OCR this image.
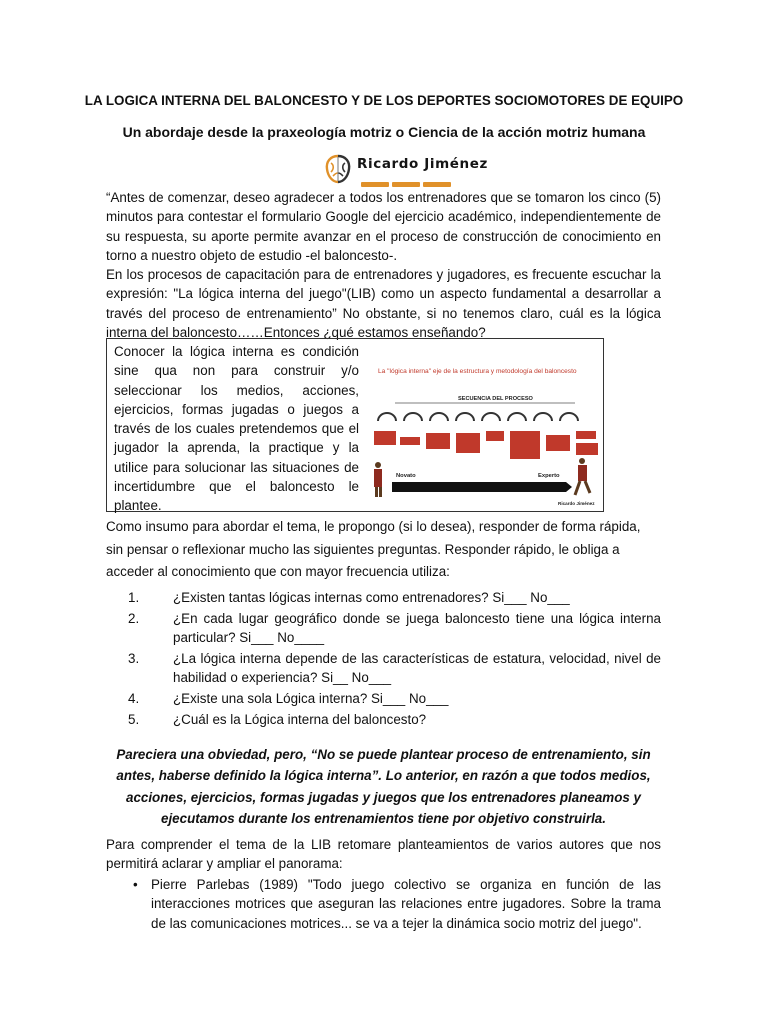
LA LOGICA INTERNA DEL BALONCESTO Y DE LOS DEPORTES SOCIOMOTORES DE EQUIPO
Un abordaje desde la praxeología motriz o Ciencia de la acción motriz humana
Ricardo Jiménez
“Antes de comenzar, deseo agradecer a todos los entrenadores que se tomaron los cinco (5) minutos para contestar el formulario Google del ejercicio académico, independientemente de su respuesta, su aporte permite avanzar en el proceso de construcción de conocimiento en torno a nuestro objeto de estudio -el baloncesto-.
En los procesos de capacitación para de entrenadores y jugadores, es frecuente escuchar la expresión: "La lógica interna del juego"(LIB) como un aspecto fundamental a desarrollar a través del proceso de entrenamiento” No obstante, si no tenemos claro, cuál es la lógica interna del baloncesto……Entonces ¿qué estamos enseñando?
Conocer la lógica interna es condición sine qua non para construir y/o seleccionar los medios, acciones, ejercicios, formas jugadas o juegos a través de los cuales pretendemos que el jugador la aprenda, la practique y la utilice para solucionar las situaciones de incertidumbre que el baloncesto le plantee.
La "lógica interna" eje de la estructura y metodología del baloncesto
SECUENCIA DEL PROCESO
Novato	Experto
Ricardo Jiménez
Como insumo para abordar el tema, le propongo (si lo desea), responder de forma rápida, sin pensar o reflexionar mucho las siguientes preguntas. Responder rápido, le obliga a acceder al conocimiento que con mayor frecuencia utiliza:
1.	¿Existen tantas lógicas internas como entrenadores? Si___ No___
2.	¿En cada lugar geográfico donde se juega baloncesto tiene una lógica interna particular? Si___ No____
3.	¿La lógica interna depende de las características de estatura, velocidad, nivel de habilidad o experiencia? Si__ No___
4.	¿Existe una sola Lógica interna? Si___ No___
5.	¿Cuál es la Lógica interna del baloncesto?
Pareciera una obviedad, pero, “No se puede plantear proceso de entrenamiento, sin antes, haberse definido la lógica interna”. Lo anterior, en razón a que todos medios, acciones, ejercicios, formas jugadas y juegos que los entrenadores planeamos y ejecutamos durante los entrenamientos tiene por objetivo construirla.
Para comprender el tema de la LIB retomare planteamientos de varios autores que nos permitirá aclarar y ampliar el panorama:
• Pierre Parlebas (1989) "Todo juego colectivo se organiza en función de las interacciones motrices que aseguran las relaciones entre jugadores. Sobre la trama de las comunicaciones motrices... se va a tejer la dinámica socio motriz del juego".
